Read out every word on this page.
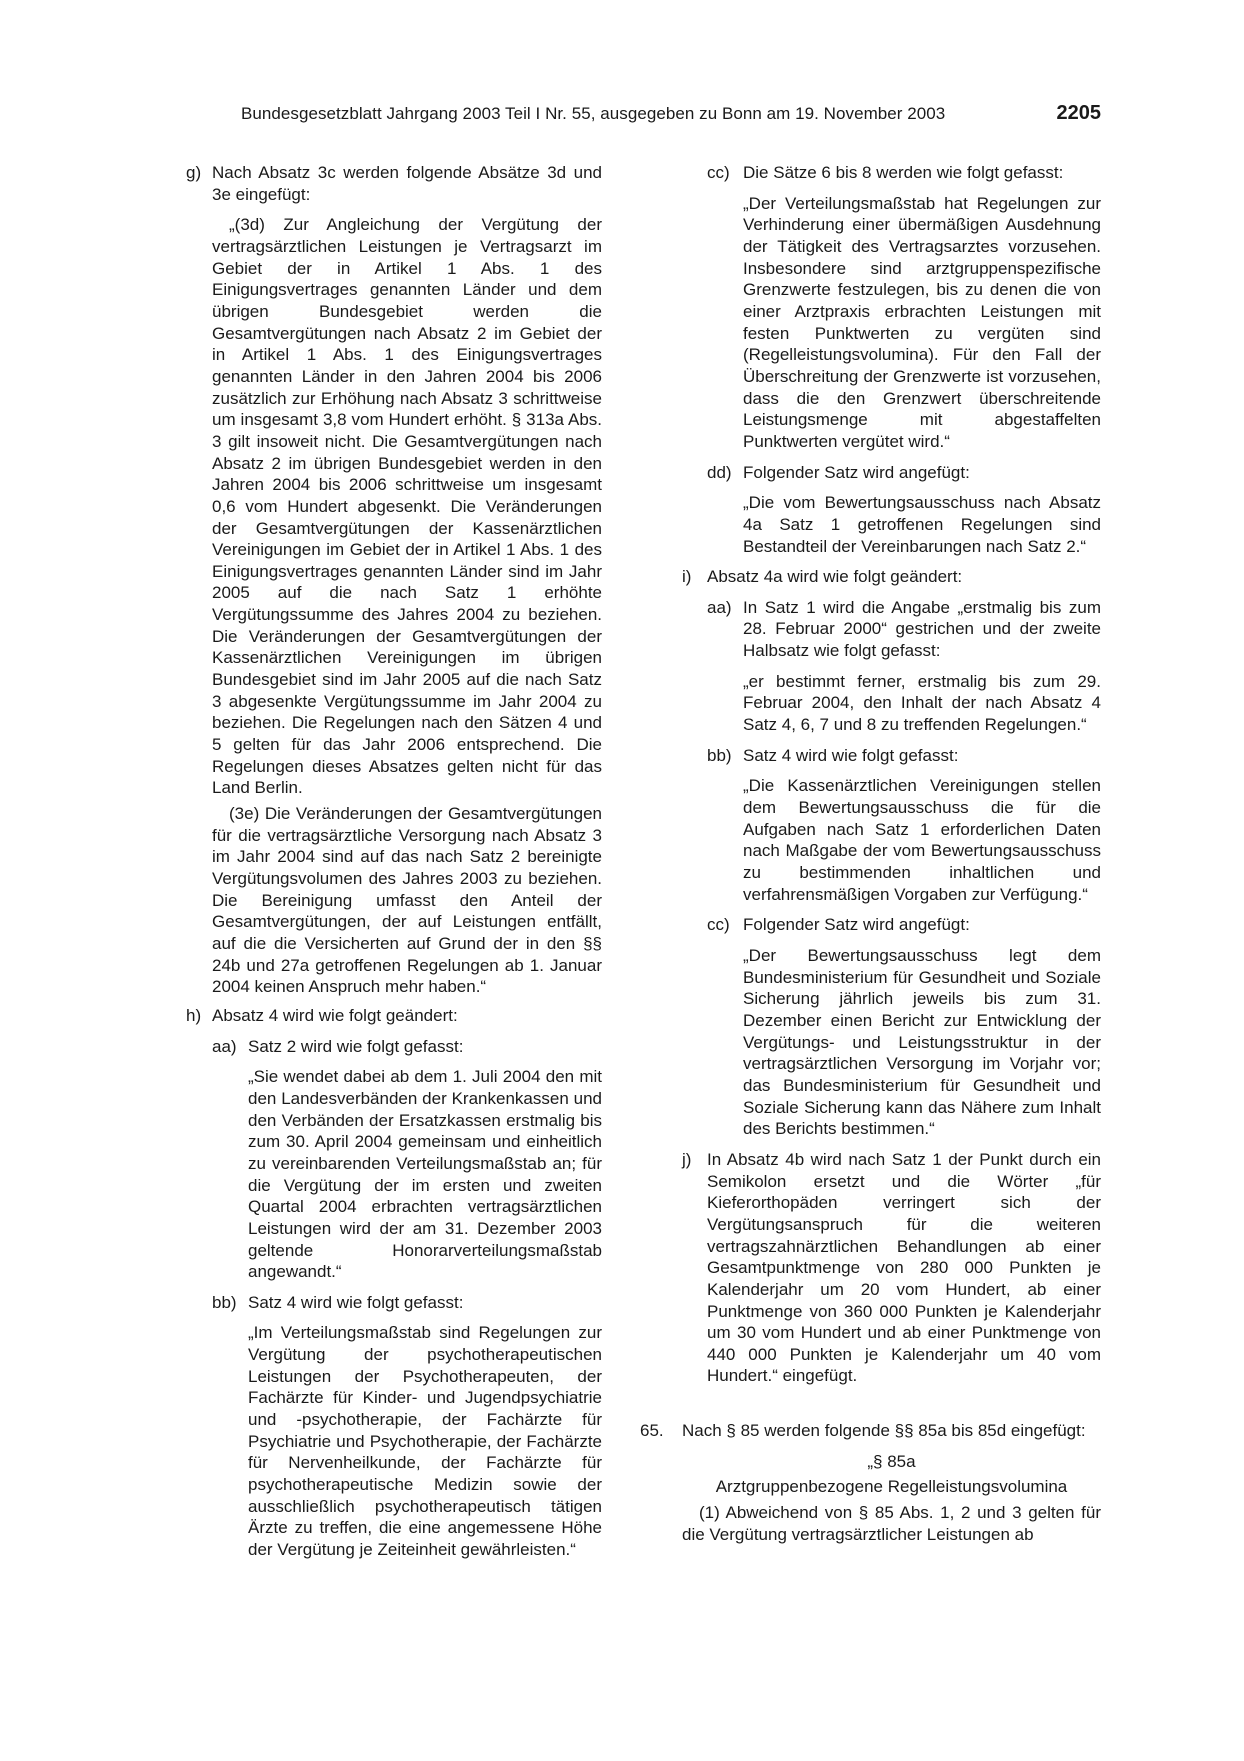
Bundesgesetzblatt Jahrgang 2003 Teil I Nr. 55, ausgegeben zu Bonn am 19. November 2003	2205
g) Nach Absatz 3c werden folgende Absätze 3d und 3e eingefügt:
„(3d) Zur Angleichung der Vergütung der vertragsärztlichen Leistungen je Vertragsarzt im Gebiet der in Artikel 1 Abs. 1 des Einigungsvertrages genannten Länder und dem übrigen Bundesgebiet werden die Gesamtvergütungen nach Absatz 2 im Gebiet der in Artikel 1 Abs. 1 des Einigungsvertrages genannten Länder in den Jahren 2004 bis 2006 zusätzlich zur Erhöhung nach Absatz 3 schrittweise um insgesamt 3,8 vom Hundert erhöht. § 313a Abs. 3 gilt insoweit nicht. Die Gesamtvergütungen nach Absatz 2 im übrigen Bundesgebiet werden in den Jahren 2004 bis 2006 schrittweise um insgesamt 0,6 vom Hundert abgesenkt. Die Veränderungen der Gesamtvergütungen der Kassenärztlichen Vereinigungen im Gebiet der in Artikel 1 Abs. 1 des Einigungsvertrages genannten Länder sind im Jahr 2005 auf die nach Satz 1 erhöhte Vergütungssumme des Jahres 2004 zu beziehen. Die Veränderungen der Gesamtvergütungen der Kassenärztlichen Vereinigungen im übrigen Bundesgebiet sind im Jahr 2005 auf die nach Satz 3 abgesenkte Vergütungssumme im Jahr 2004 zu beziehen. Die Regelungen nach den Sätzen 4 und 5 gelten für das Jahr 2006 entsprechend. Die Regelungen dieses Absatzes gelten nicht für das Land Berlin.
(3e) Die Veränderungen der Gesamtvergütungen für die vertragsärztliche Versorgung nach Absatz 3 im Jahr 2004 sind auf das nach Satz 2 bereinigte Vergütungsvolumen des Jahres 2003 zu beziehen. Die Bereinigung umfasst den Anteil der Gesamtvergütungen, der auf Leistungen entfällt, auf die die Versicherten auf Grund der in den §§ 24b und 27a getroffenen Regelungen ab 1. Januar 2004 keinen Anspruch mehr haben.“
h) Absatz 4 wird wie folgt geändert:
aa) Satz 2 wird wie folgt gefasst:
„Sie wendet dabei ab dem 1. Juli 2004 den mit den Landesverbänden der Krankenkassen und den Verbänden der Ersatzkassen erstmalig bis zum 30. April 2004 gemeinsam und einheitlich zu vereinbarenden Verteilungsmaßstab an; für die Vergütung der im ersten und zweiten Quartal 2004 erbrachten vertragsärztlichen Leistungen wird der am 31. Dezember 2003 geltende Honorarverteilungsmaßstab angewandt.“
bb) Satz 4 wird wie folgt gefasst:
„Im Verteilungsmaßstab sind Regelungen zur Vergütung der psychotherapeutischen Leistungen der Psychotherapeuten, der Fachärzte für Kinder- und Jugendpsychiatrie und -psychotherapie, der Fachärzte für Psychiatrie und Psychotherapie, der Fachärzte für Nervenheilkunde, der Fachärzte für psychotherapeutische Medizin sowie der ausschließlich psychotherapeutisch tätigen Ärzte zu treffen, die eine angemessene Höhe der Vergütung je Zeiteinheit gewährleisten.“
cc) Die Sätze 6 bis 8 werden wie folgt gefasst:
„Der Verteilungsmaßstab hat Regelungen zur Verhinderung einer übermäßigen Ausdehnung der Tätigkeit des Vertragsarztes vorzusehen. Insbesondere sind arztgruppenspezifische Grenzwerte festzulegen, bis zu denen die von einer Arztpraxis erbrachten Leistungen mit festen Punktwerten zu vergüten sind (Regelleistungsvolumina). Für den Fall der Überschreitung der Grenzwerte ist vorzusehen, dass die den Grenzwert überschreitende Leistungsmenge mit abgestaffelten Punktwerten vergütet wird.“
dd) Folgender Satz wird angefügt:
„Die vom Bewertungsausschuss nach Absatz 4a Satz 1 getroffenen Regelungen sind Bestandteil der Vereinbarungen nach Satz 2.“
i) Absatz 4a wird wie folgt geändert:
aa) In Satz 1 wird die Angabe „erstmalig bis zum 28. Februar 2000“ gestrichen und der zweite Halbsatz wie folgt gefasst:
„er bestimmt ferner, erstmalig bis zum 29. Februar 2004, den Inhalt der nach Absatz 4 Satz 4, 6, 7 und 8 zu treffenden Regelungen.“
bb) Satz 4 wird wie folgt gefasst:
„Die Kassenärztlichen Vereinigungen stellen dem Bewertungsausschuss die für die Aufgaben nach Satz 1 erforderlichen Daten nach Maßgabe der vom Bewertungsausschuss zu bestimmenden inhaltlichen und verfahrensmäßigen Vorgaben zur Verfügung.“
cc) Folgender Satz wird angefügt:
„Der Bewertungsausschuss legt dem Bundesministerium für Gesundheit und Soziale Sicherung jährlich jeweils bis zum 31. Dezember einen Bericht zur Entwicklung der Vergütungs- und Leistungsstruktur in der vertragsärztlichen Versorgung im Vorjahr vor; das Bundesministerium für Gesundheit und Soziale Sicherung kann das Nähere zum Inhalt des Berichts bestimmen.“
j) In Absatz 4b wird nach Satz 1 der Punkt durch ein Semikolon ersetzt und die Wörter „für Kieferorthopäden verringert sich der Vergütungsanspruch für die weiteren vertragszahnärztlichen Behandlungen ab einer Gesamtpunktmenge von 280 000 Punkten je Kalenderjahr um 20 vom Hundert, ab einer Punktmenge von 360 000 Punkten je Kalenderjahr um 30 vom Hundert und ab einer Punktmenge von 440 000 Punkten je Kalenderjahr um 40 vom Hundert.“ eingefügt.
65. Nach § 85 werden folgende §§ 85a bis 85d eingefügt:
„§ 85a
Arztgruppenbezogene Regelleistungsvolumina
(1) Abweichend von § 85 Abs. 1, 2 und 3 gelten für die Vergütung vertragsärztlicher Leistungen ab
